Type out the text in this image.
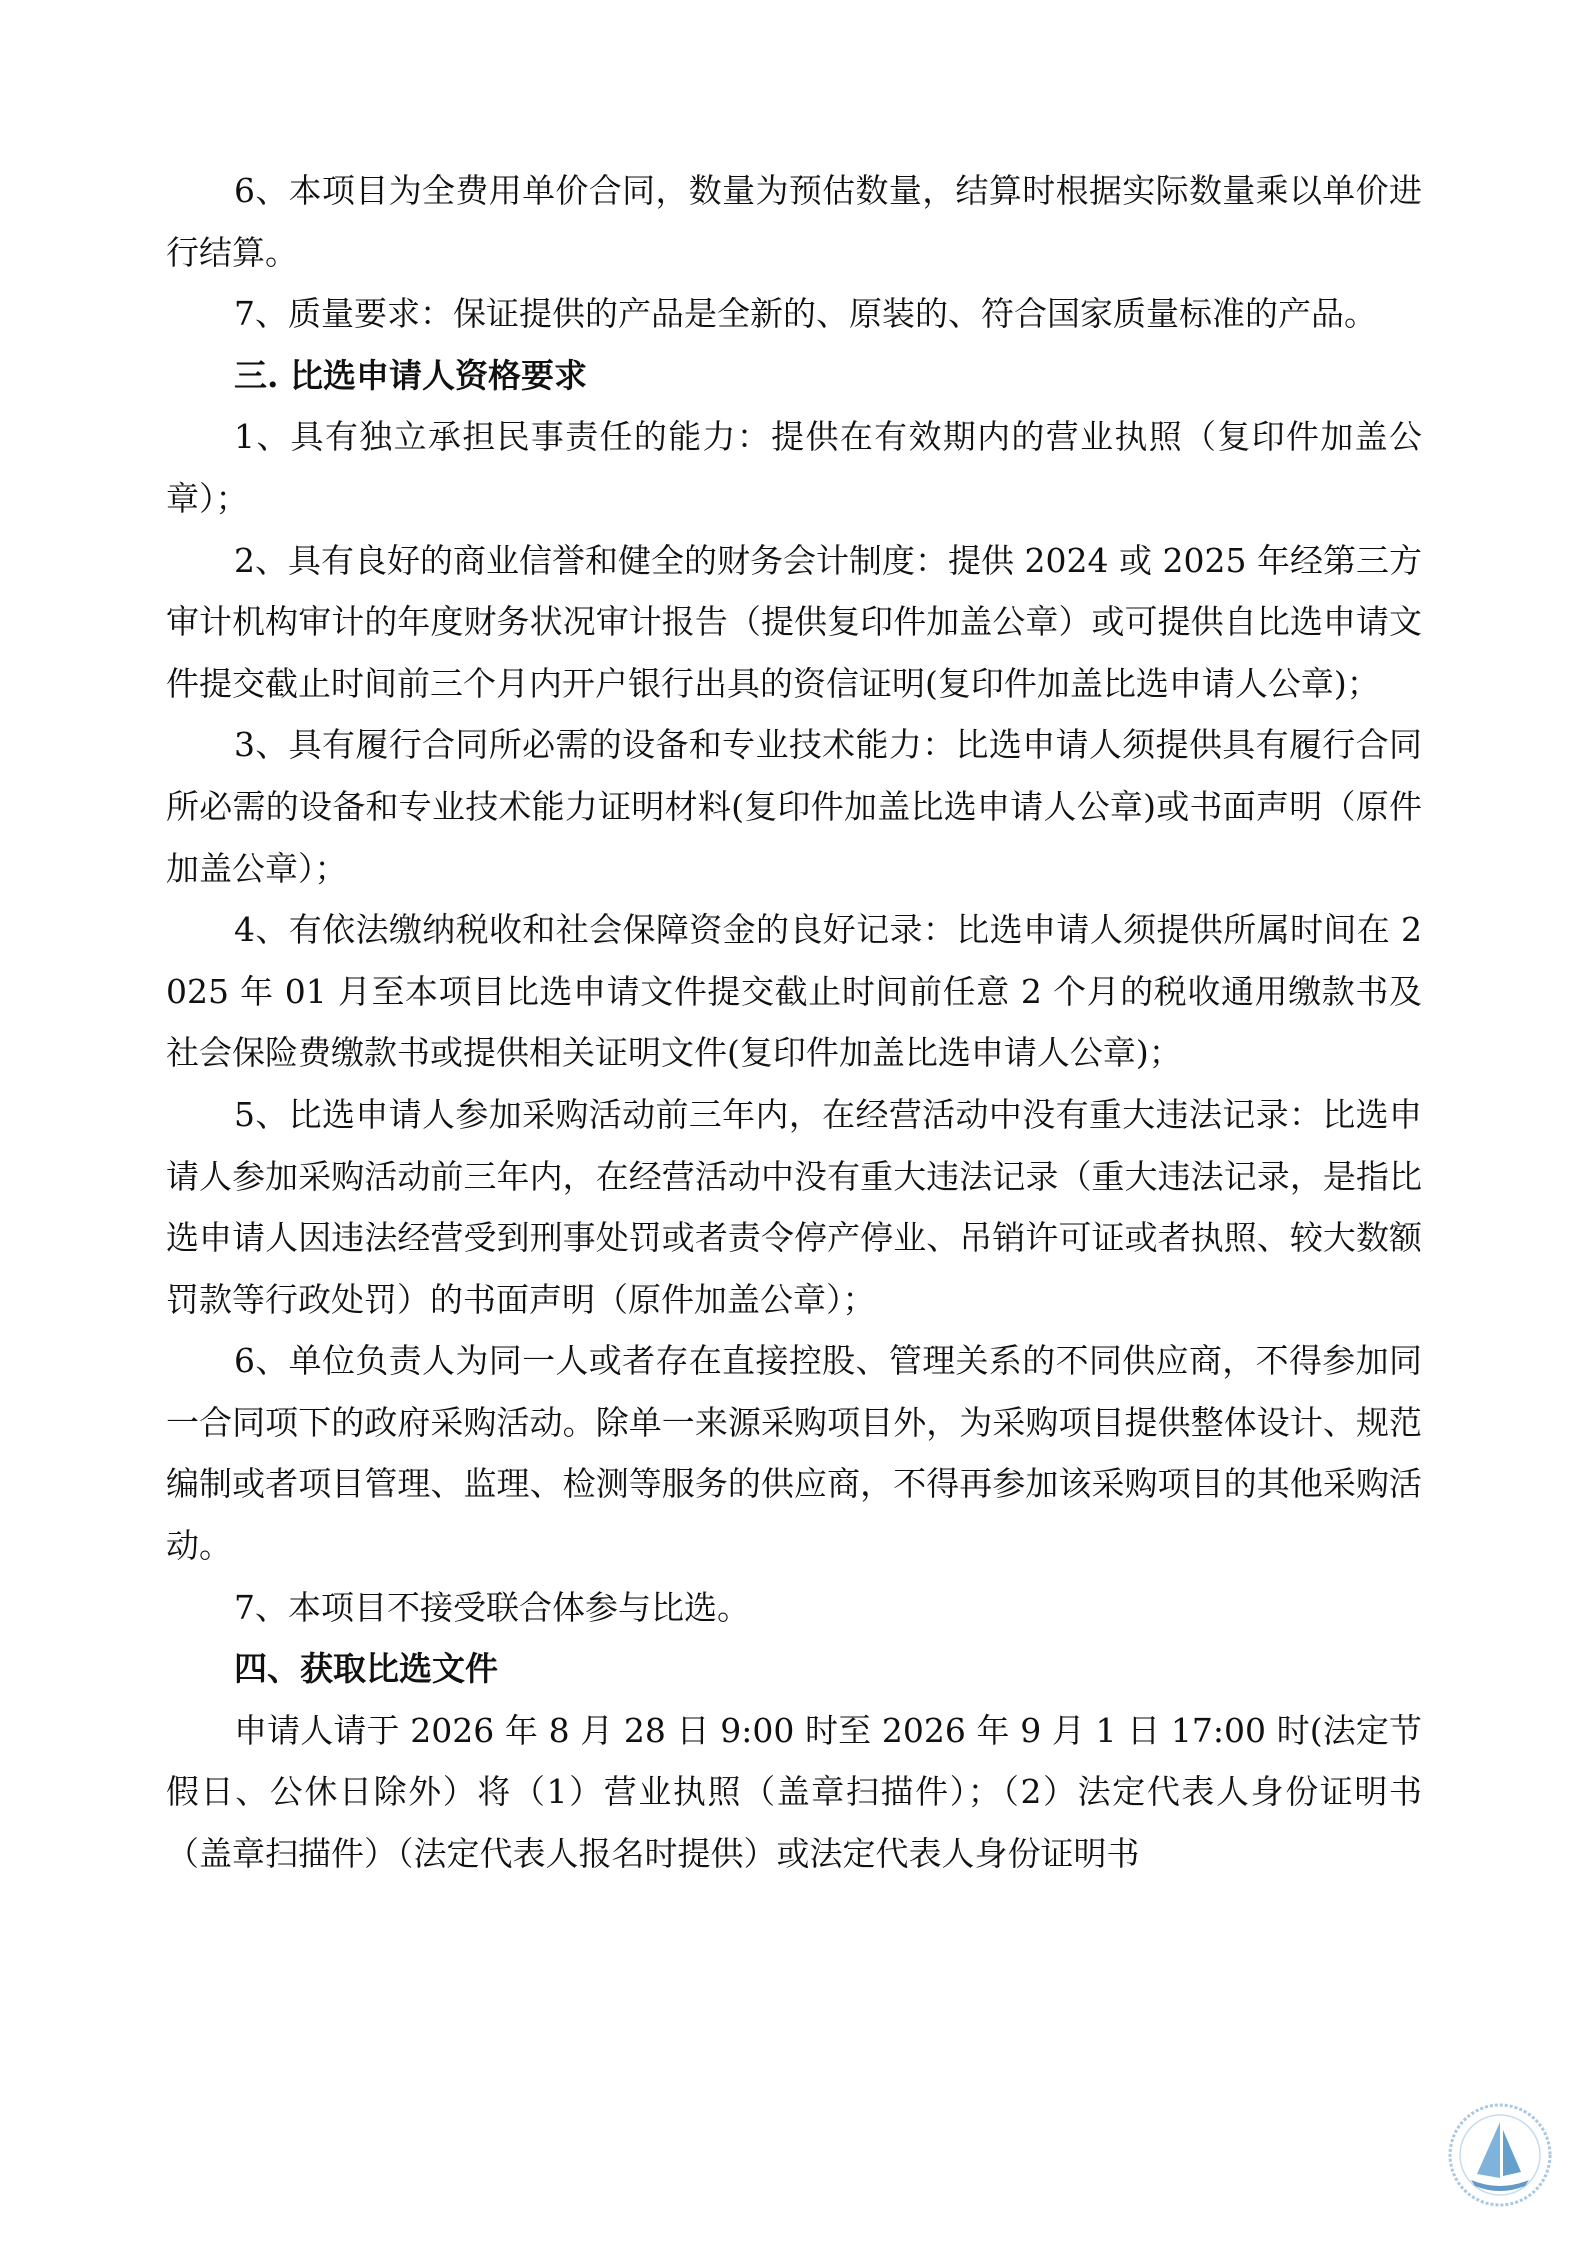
6、本项目为全费用单价合同，数量为预估数量，结算时根据实际数量乘以单价进行结算。

7、质量要求：保证提供的产品是全新的、原装的、符合国家质量标准的产品。

三. 比选申请人资格要求

1、具有独立承担民事责任的能力：提供在有效期内的营业执照（复印件加盖公章）；

2、具有良好的商业信誉和健全的财务会计制度：提供 2024 或 2025 年经第三方审计机构审计的年度财务状况审计报告（提供复印件加盖公章）或可提供自比选申请文件提交截止时间前三个月内开户银行出具的资信证明(复印件加盖比选申请人公章)；

3、具有履行合同所必需的设备和专业技术能力：比选申请人须提供具有履行合同所必需的设备和专业技术能力证明材料(复印件加盖比选申请人公章)或书面声明（原件加盖公章）；

4、有依法缴纳税收和社会保障资金的良好记录：比选申请人须提供所属时间在 2025 年 01 月至本项目比选申请文件提交截止时间前任意 2 个月的税收通用缴款书及社会保险费缴款书或提供相关证明文件(复印件加盖比选申请人公章)；

5、比选申请人参加采购活动前三年内，在经营活动中没有重大违法记录：比选申请人参加采购活动前三年内，在经营活动中没有重大违法记录（重大违法记录，是指比选申请人因违法经营受到刑事处罚或者责令停产停业、吊销许可证或者执照、较大数额罚款等行政处罚）的书面声明（原件加盖公章）；

6、单位负责人为同一人或者存在直接控股、管理关系的不同供应商，不得参加同一合同项下的政府采购活动。除单一来源采购项目外，为采购项目提供整体设计、规范编制或者项目管理、监理、检测等服务的供应商，不得再参加该采购项目的其他采购活动。

7、本项目不接受联合体参与比选。

四、获取比选文件

申请人请于 2026 年 8 月 28 日 9:00 时至 2026 年 9 月 1 日 17:00 时(法定节假日、公休日除外）将（1）营业执照（盖章扫描件）；（2）法定代表人身份证明书（盖章扫描件）（法定代表人报名时提供）或法定代表人身份证明书
